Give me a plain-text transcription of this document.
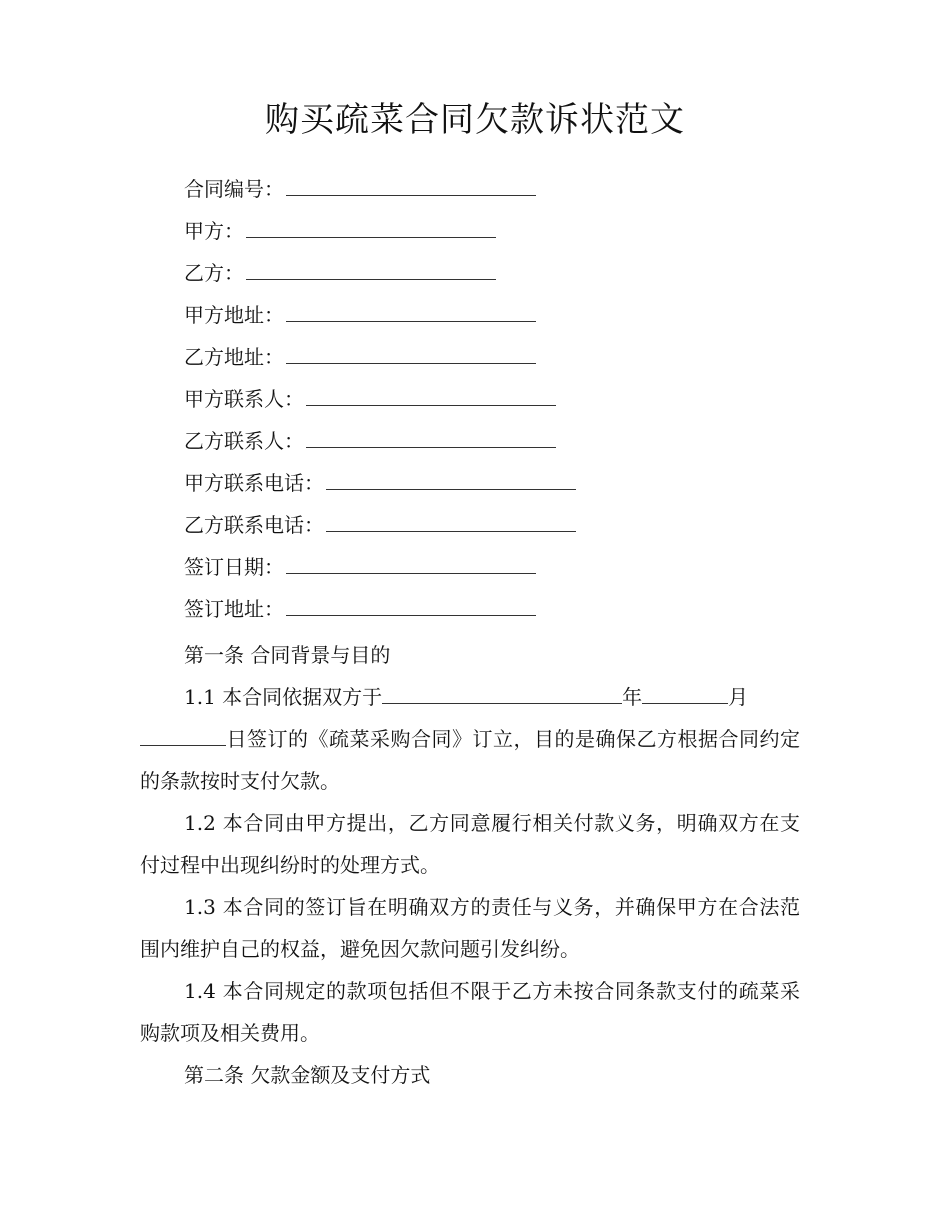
购买疏菜合同欠款诉状范文
合同编号：
甲方：
乙方：
甲方地址：
乙方地址：
甲方联系人：
乙方联系人：
甲方联系电话：
乙方联系电话：
签订日期：
签订地址：

第一条 合同背景与目的

1.1 本合同依据双方于	年	月
日签订的《疏菜采购合同》订立，目的是确保乙方根据合同约定的条款按时支付欠款。

1.2 本合同由甲方提出，乙方同意履行相关付款义务，明确双方在支付过程中出现纠纷时的处理方式。

1.3 本合同的签订旨在明确双方的责任与义务，并确保甲方在合法范围内维护自己的权益，避免因欠款问题引发纠纷。

1.4 本合同规定的款项包括但不限于乙方未按合同条款支付的疏菜采购款项及相关费用。

第二条 欠款金额及支付方式
